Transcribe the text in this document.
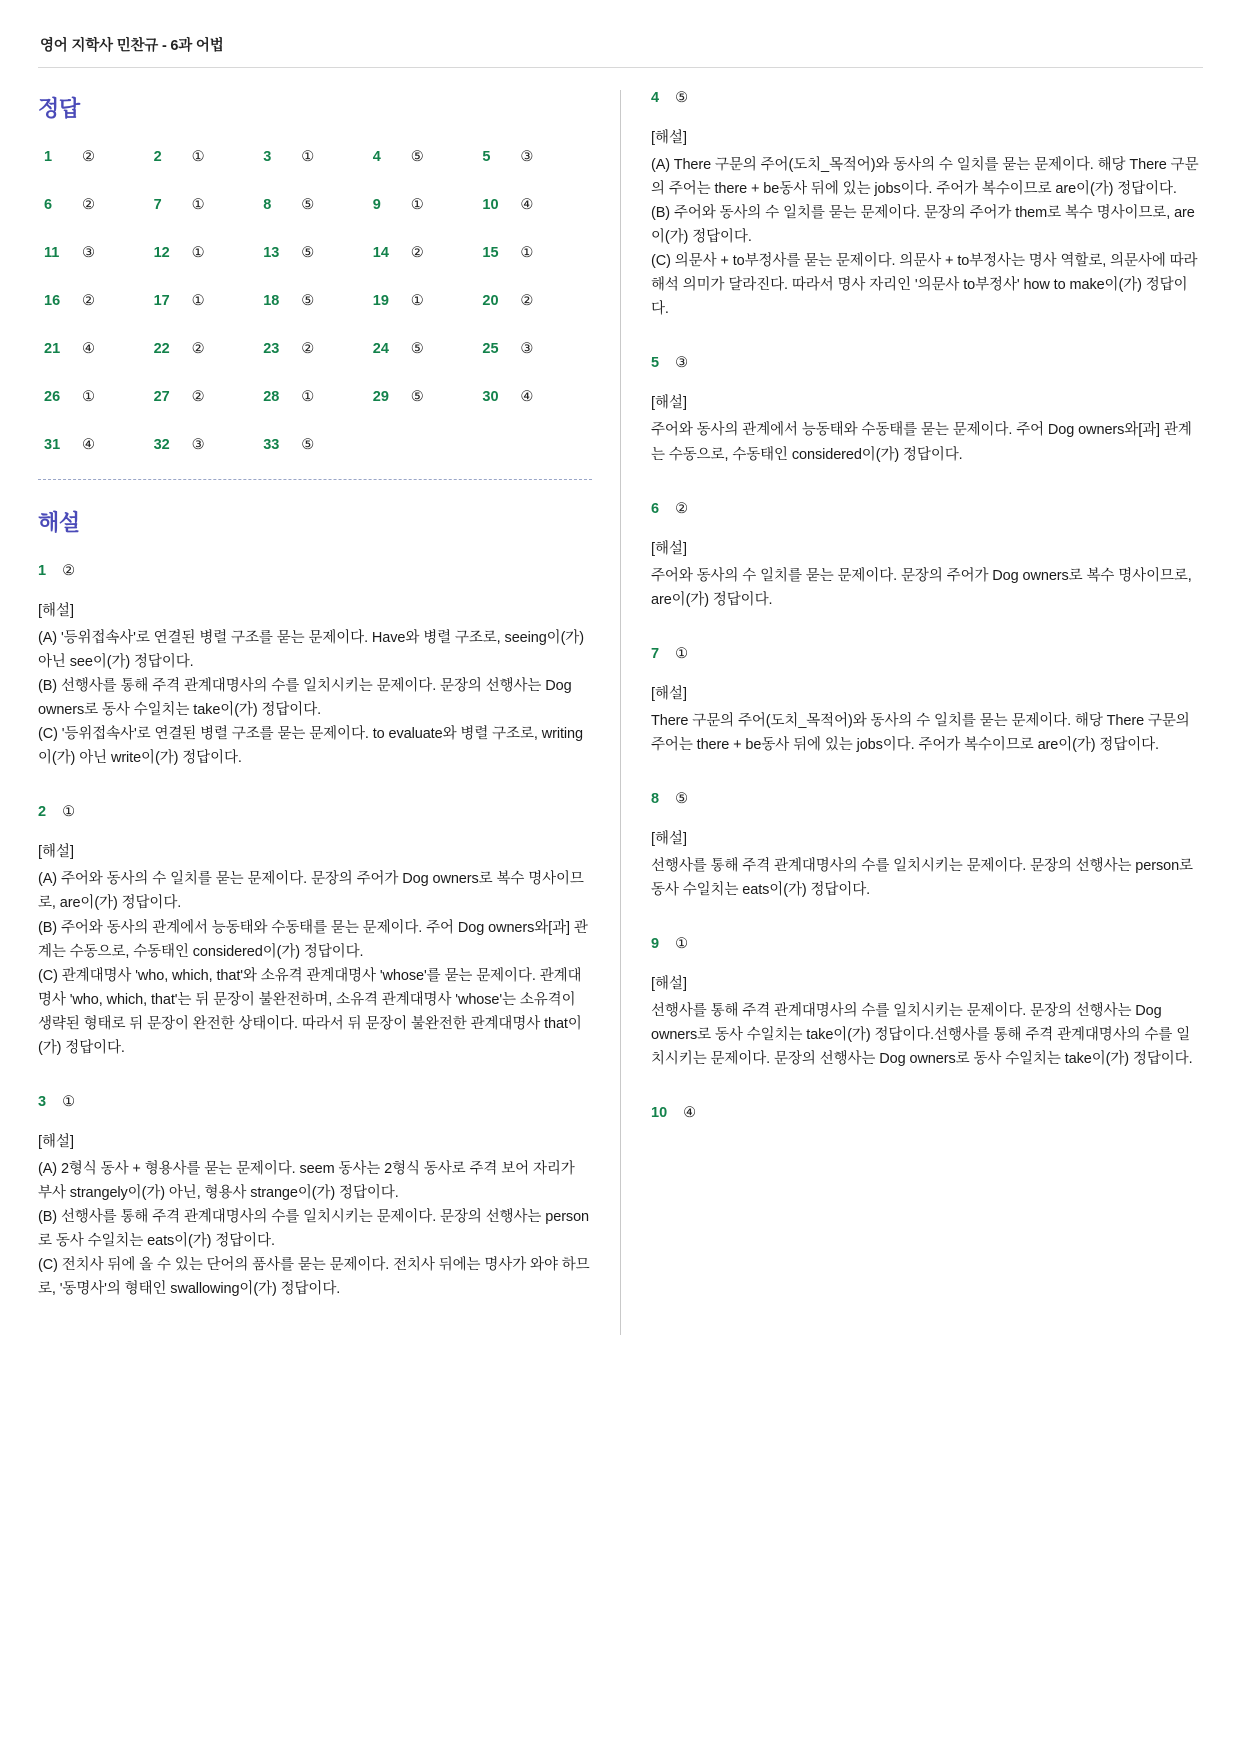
영어 지학사 민찬규 - 6과 어법
정답
1	②	2	①	3	①	4	⑤	5	③
6	②	7	①	8	⑤	9	①	10	④
11	③	12	①	13	⑤	14	②	15	①
16	②	17	①	18	⑤	19	①	20	②
21	④	22	②	23	②	24	⑤	25	③
26	①	27	②	28	①	29	⑤	30	④
31	④	32	③	33	⑤
해설
1 ②
[해설]

(A) '등위접속사'로 연결된 병렬 구조를 묻는 문제이다. Have와 병렬 구조로, seeing이(가) 아닌 see이(가) 정답이다.

(B) 선행사를 통해 주격 관계대명사의 수를 일치시키는 문제이다. 문장의 선행사는 Dog owners로 동사 수일치는 take이(가) 정답이다.

(C) '등위접속사'로 연결된 병렬 구조를 묻는 문제이다. to evaluate와 병렬 구조로, writing이(가) 아닌 write이(가) 정답이다.

2 ①
[해설]

(A) 주어와 동사의 수 일치를 묻는 문제이다. 문장의 주어가 Dog owners로 복수 명사이므로, are이(가) 정답이다.

(B) 주어와 동사의 관계에서 능동태와 수동태를 묻는 문제이다. 주어 Dog owners와[과] 관계는 수동으로, 수동태인 considered이(가) 정답이다.

(C) 관계대명사 'who, which, that'와 소유격 관계대명사 'whose'를 묻는 문제이다. 관계대명사 'who, which, that'는 뒤 문장이 불완전하며, 소유격 관계대명사 'whose'는 소유격이 생략된 형태로 뒤 문장이 완전한 상태이다. 따라서 뒤 문장이 불완전한 관계대명사 that이(가) 정답이다.

3 ①
[해설]

(A) 2형식 동사 + 형용사를 묻는 문제이다. seem 동사는 2형식 동사로 주격 보어 자리가 부사 strangely이(가) 아닌, 형용사 strange이(가) 정답이다.

(B) 선행사를 통해 주격 관계대명사의 수를 일치시키는 문제이다. 문장의 선행사는 person로 동사 수일치는 eats이(가) 정답이다.

(C) 전치사 뒤에 올 수 있는 단어의 품사를 묻는 문제이다. 전치사 뒤에는 명사가 와야 하므로, '동명사'의 형태인 swallowing이(가) 정답이다.

4 ⑤
[해설]

(A) There 구문의 주어(도치_목적어)와 동사의 수 일치를 묻는 문제이다. 해당 There 구문의 주어는 there + be동사 뒤에 있는 jobs이다. 주어가 복수이므로 are이(가) 정답이다.

(B) 주어와 동사의 수 일치를 묻는 문제이다. 문장의 주어가 them로 복수 명사이므로, are이(가) 정답이다.

(C) 의문사 + to부정사를 묻는 문제이다. 의문사 + to부정사는 명사 역할로, 의문사에 따라 해석 의미가 달라진다. 따라서 명사 자리인 '의문사 to부정사' how to make이(가) 정답이다.

5 ③
[해설]

주어와 동사의 관계에서 능동태와 수동태를 묻는 문제이다. 주어 Dog owners와[과] 관계는 수동으로, 수동태인 considered이(가) 정답이다.

6 ②
[해설]

주어와 동사의 수 일치를 묻는 문제이다. 문장의 주어가 Dog owners로 복수 명사이므로, are이(가) 정답이다.

7 ①
[해설]

There 구문의 주어(도치_목적어)와 동사의 수 일치를 묻는 문제이다. 해당 There 구문의 주어는 there + be동사 뒤에 있는 jobs이다. 주어가 복수이므로 are이(가) 정답이다.

8 ⑤
[해설]

선행사를 통해 주격 관계대명사의 수를 일치시키는 문제이다. 문장의 선행사는 person로 동사 수일치는 eats이(가) 정답이다.

9 ①
[해설]

선행사를 통해 주격 관계대명사의 수를 일치시키는 문제이다. 문장의 선행사는 Dog owners로 동사 수일치는 take이(가) 정답이다.선행사를 통해 주격 관계대명사의 수를 일치시키는 문제이다. 문장의 선행사는 Dog owners로 동사 수일치는 take이(가) 정답이다.

10 ④
